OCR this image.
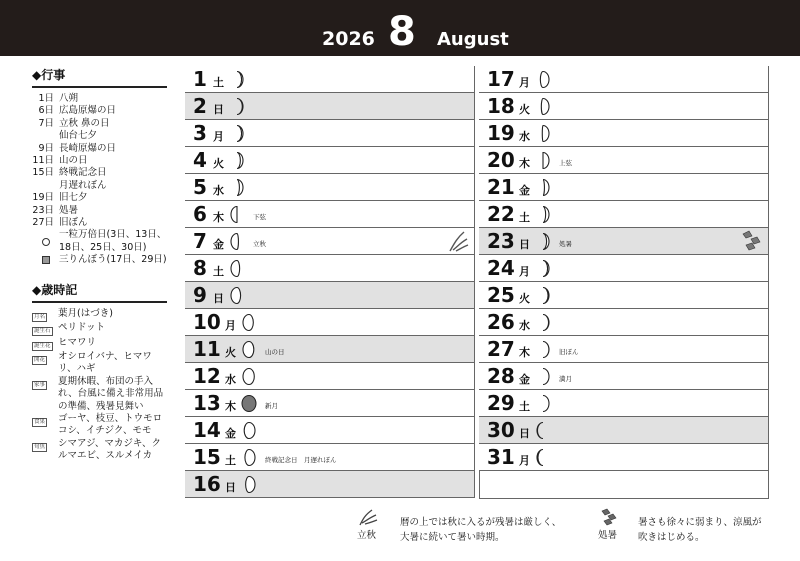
2026 8 August
◆行事
1日 八朔
6日 広島原爆の日
7日 立秋 鼻の日
仙台七夕
9日 長崎原爆の日
11日 山の日
15日 終戦記念日
月遅れぼん
19日 旧七夕
23日 処暑
27日 旧ぼん
一粒万倍日(3日、13日、18日、25日、30日)
三りんぼう(17日、29日)
◆歳時記
月名	葉月(はづき)
誕生石 ペリドット
誕生花 ヒマワリ
開花	オシロイバナ、ヒマワリ、ハギ
家事	夏期休暇、布団の手入れ、台風に備え非常用品の準備、残暑見舞い
食果	ゴーヤ、枝豆、トウモロコシ、イチジク、モモ
旬魚	シマアジ、マカジキ、クルマエビ、スルメイカ
1 土
2 日
3 月
4 火
5 水
6 木	下弦
7 金	立秋
8 土
9 日
10 月
11 火	山の日
12 水
13 木	新月
14 金
15 土	終戦記念日　月遅れぼん
16 日
17 月
18 火
19 水
20 木	上弦
21 金
22 土
23 日	処暑
24 月
25 火
26 水
27 木	旧ぼん
28 金	満月
29 土
30 日
31 月
立秋
暦の上では秋に入るが残暑は厳しく、
大暑に続いて暑い時期。	処暑
暑さも徐々に弱まり、涼風が
吹きはじめる。
